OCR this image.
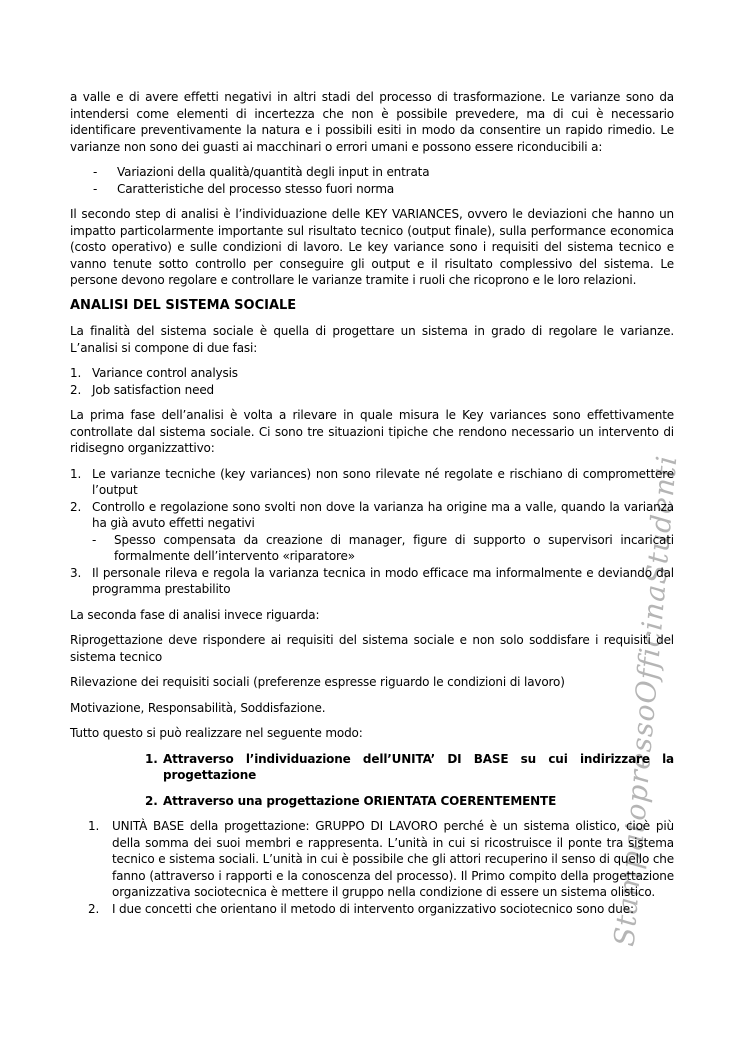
StampatopressoOfficinaStudenti
a valle e di avere effetti negativi in altri stadi del processo di trasformazione. Le varianze sono da intendersi come elementi di incertezza che non è possibile prevedere, ma di cui è necessario identificare preventivamente la natura e i possibili esiti in modo da consentire un rapido rimedio. Le varianze non sono dei guasti ai macchinari o errori umani e possono essere riconducibili a:
-	Variazioni della qualità/quantità degli input in entrata
-	Caratteristiche del processo stesso fuori norma
Il secondo step di analisi è l’individuazione delle KEY VARIANCES, ovvero le deviazioni che hanno un impatto particolarmente importante sul risultato tecnico (output finale), sulla performance economica (costo operativo) e sulle condizioni di lavoro. Le key variance sono i requisiti del sistema tecnico e vanno tenute sotto controllo per conseguire gli output e il risultato complessivo del sistema. Le persone devono regolare e controllare le varianze tramite i ruoli che ricoprono e le loro relazioni.
ANALISI DEL SISTEMA SOCIALE
La finalità del sistema sociale è quella di progettare un sistema in grado di regolare le varianze. L’analisi si compone di due fasi:
1. Variance control analysis
2. Job satisfaction need
La prima fase dell’analisi è volta a rilevare in quale misura le Key variances sono effettivamente controllate dal sistema sociale. Ci sono tre situazioni tipiche che rendono necessario un intervento di ridisegno organizzattivo:
1. Le varianze tecniche (key variances) non sono rilevate né regolate e rischiano di compromettere l’output
2. Controllo e regolazione sono svolti non dove la varianza ha origine ma a valle, quando la varianza ha già avuto effetti negativi
-	Spesso compensata da creazione di manager, figure di supporto o supervisori incaricati formalmente dell’intervento «riparatore»
3. Il personale rileva e regola la varianza tecnica in modo efficace ma informalmente e deviando dal programma prestabilito
La seconda fase di analisi invece riguarda:
Riprogettazione deve rispondere ai requisiti del sistema sociale e non solo soddisfare i requisiti del sistema tecnico
Rilevazione dei requisiti sociali (preferenze espresse riguardo le condizioni di lavoro)
Motivazione, Responsabilità, Soddisfazione.
Tutto questo si può realizzare nel seguente modo:
1. Attraverso l’individuazione dell’UNITA’ DI BASE su cui indirizzare la progettazione
2. Attraverso una progettazione ORIENTATA COERENTEMENTE
1.	UNITÀ BASE della progettazione: GRUPPO DI LAVORO perché è un sistema olistico, cioè più della somma dei suoi membri e rappresenta. L’unità in cui si ricostruisce il ponte tra sistema tecnico e sistema sociali. L’unità in cui è possibile che gli attori recuperino il senso di quello che fanno (attraverso i rapporti e la conoscenza del processo). Il Primo compito della progettazione organizzativa sociotecnica è mettere il gruppo nella condizione di essere un sistema olistico.
2.	I due concetti che orientano il metodo di intervento organizzativo sociotecnico sono due:
